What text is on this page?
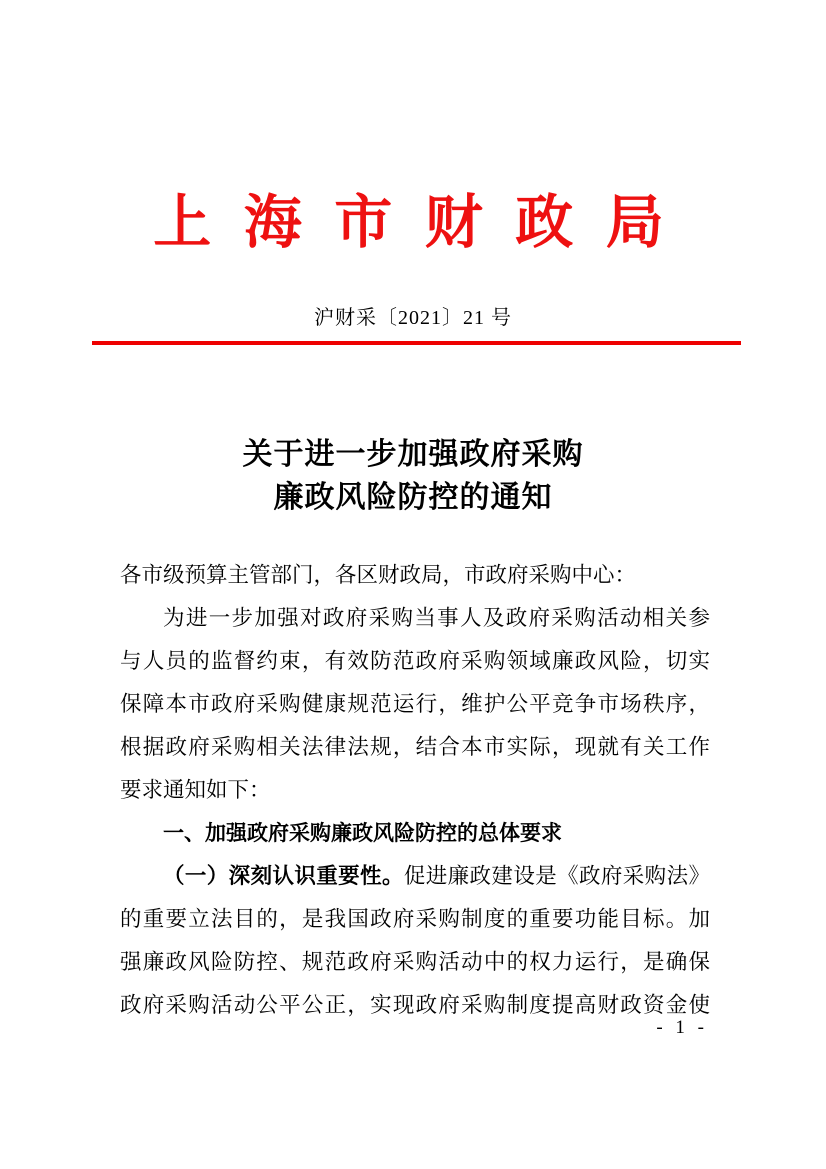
上 海 市 财 政 局
沪财采〔2021〕21 号
关于进一步加强政府采购
廉政风险防控的通知
各市级预算主管部门，各区财政局，市政府采购中心：
为进一步加强对政府采购当事人及政府采购活动相关参
与人员的监督约束，有效防范政府采购领域廉政风险，切实
保障本市政府采购健康规范运行，维护公平竞争市场秩序，
根据政府采购相关法律法规，结合本市实际，现就有关工作
要求通知如下：
一、加强政府采购廉政风险防控的总体要求
（一）深刻认识重要性。促进廉政建设是《政府采购法》
的重要立法目的，是我国政府采购制度的重要功能目标。加
强廉政风险防控、规范政府采购活动中的权力运行，是确保
政府采购活动公平公正，实现政府采购制度提高财政资金使
- 1 -
